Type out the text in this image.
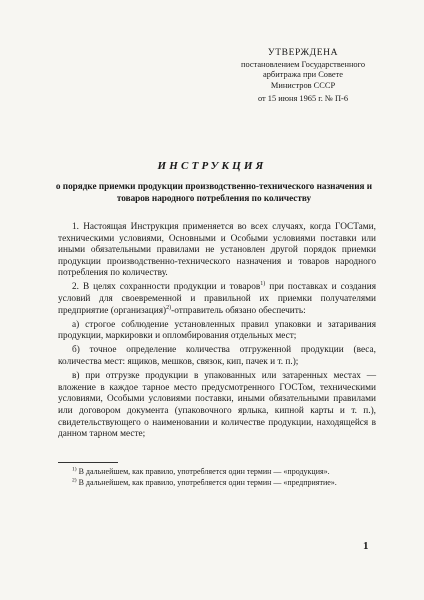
УТВЕРЖДЕНА
постановлением Государственного
арбитража при Совете
Министров СССР
от 15 июня 1965 г. № П-6
ИНСТРУКЦИЯ
о порядке приемки продукции производственно-технического назначения и товаров народного потребления по количеству

1. Настоящая Инструкция применяется во всех случаях, когда ГОСТами, техническими условиями, Основными и Особыми условиями поставки или иными обязательными правилами не установлен другой порядок приемки продукции производственно-технического назначения и товаров народного потребления по количеству.

2. В целях сохранности продукции и товаров$^{1)}$ при поставках и создания условий для своевременной и правильной их приемки получателями предприятие (организация)$^{2)}$-отправитель обязано обеспечить:

а) строгое соблюдение установленных правил упаковки и затаривания продукции, маркировки и опломбирования отдельных мест;

б) точное определение количества отгруженной продукции (веса, количества мест: ящиков, мешков, связок, кип, пачек и т. п.);

в) при отгрузке продукции в упакованных или затаренных местах — вложение в каждое тарное место предусмотренного ГОСТом, техническими условиями, Особыми условиями поставки, иными обязательными правилами или договором документа (упаковочного ярлыка, кипной карты и т. п.), свидетельствующего о наименовании и количестве продукции, находящейся в данном тарном месте;

$^{1)}$ В дальнейшем, как правило, употребляется один термин — «продукция».

$^{2)}$ В дальнейшем, как правило, употребляется один термин — «предприятие».

1
